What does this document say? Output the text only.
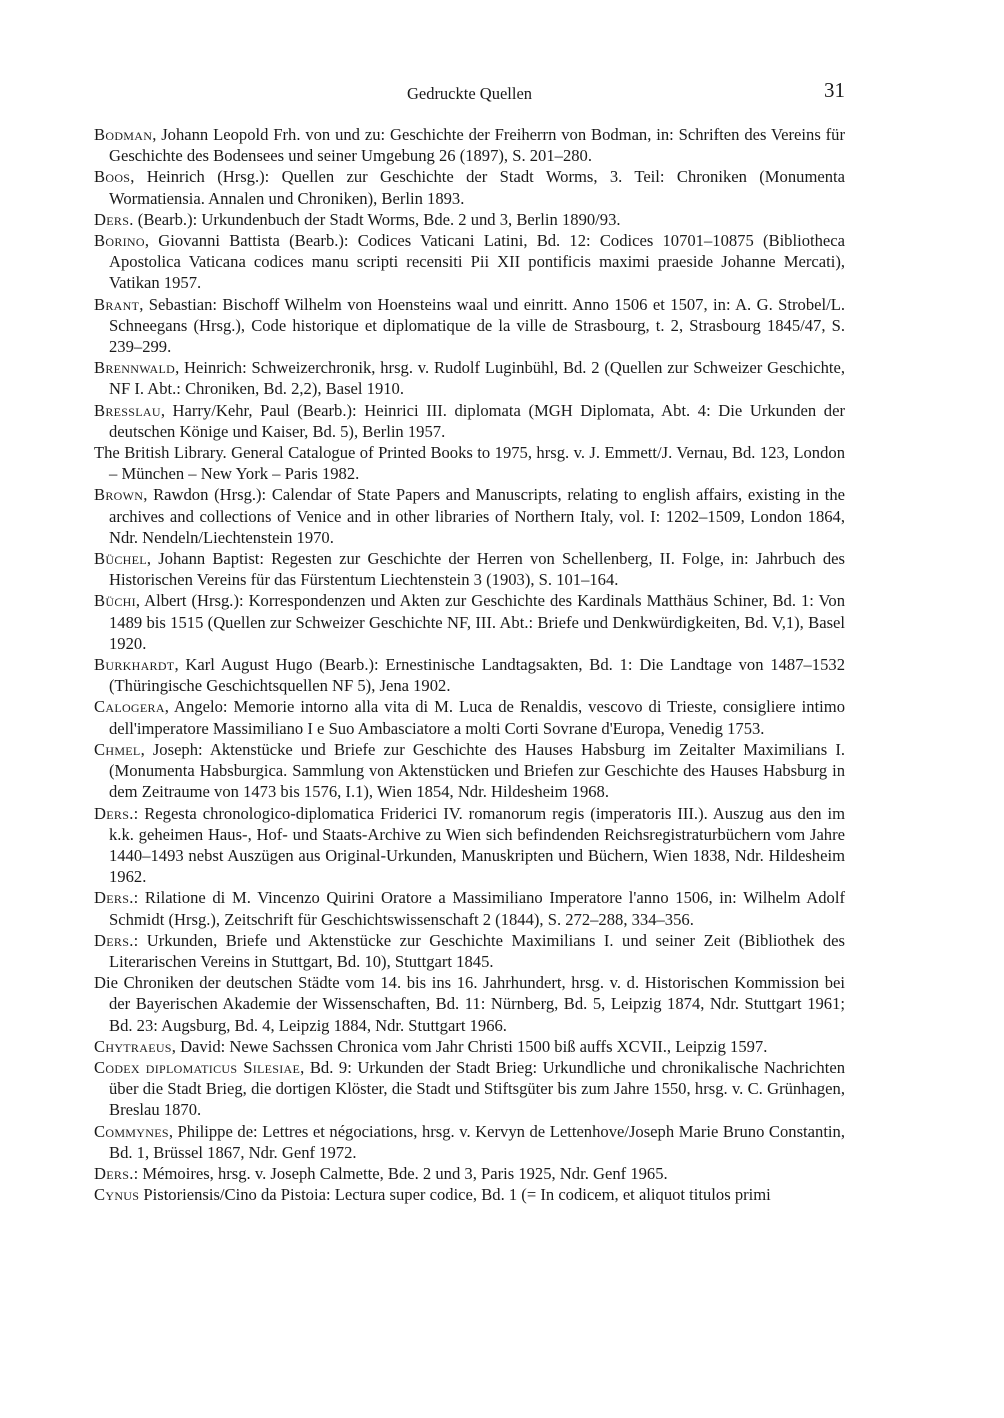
Gedruckte Quellen	31
Bodman, Johann Leopold Frh. von und zu: Geschichte der Freiherrn von Bodman, in: Schriften des Vereins für Geschichte des Bodensees und seiner Umgebung 26 (1897), S. 201–280.
Boos, Heinrich (Hrsg.): Quellen zur Geschichte der Stadt Worms, 3. Teil: Chroniken (Monumenta Wormatiensia. Annalen und Chroniken), Berlin 1893.
Ders. (Bearb.): Urkundenbuch der Stadt Worms, Bde. 2 und 3, Berlin 1890/93.
Borino, Giovanni Battista (Bearb.): Codices Vaticani Latini, Bd. 12: Codices 10701–10875 (Bibliotheca Apostolica Vaticana codices manu scripti recensiti Pii XII pontificis maximi praeside Johanne Mercati), Vatikan 1957.
Brant, Sebastian: Bischoff Wilhelm von Hoensteins waal und einritt. Anno 1506 et 1507, in: A. G. Strobel/L. Schneegans (Hrsg.), Code historique et diplomatique de la ville de Strasbourg, t. 2, Strasbourg 1845/47, S. 239–299.
Brennwald, Heinrich: Schweizerchronik, hrsg. v. Rudolf Luginbühl, Bd. 2 (Quellen zur Schweizer Geschichte, NF I. Abt.: Chroniken, Bd. 2,2), Basel 1910.
Bresslau, Harry/Kehr, Paul (Bearb.): Heinrici III. diplomata (MGH Diplomata, Abt. 4: Die Urkunden der deutschen Könige und Kaiser, Bd. 5), Berlin 1957.
The British Library. General Catalogue of Printed Books to 1975, hrsg. v. J. Emmett/J. Vernau, Bd. 123, London – München – New York – Paris 1982.
Brown, Rawdon (Hrsg.): Calendar of State Papers and Manuscripts, relating to english affairs, existing in the archives and collections of Venice and in other libraries of Northern Italy, vol. I: 1202–1509, London 1864, Ndr. Nendeln/Liechtenstein 1970.
Büchel, Johann Baptist: Regesten zur Geschichte der Herren von Schellenberg, II. Folge, in: Jahrbuch des Historischen Vereins für das Fürstentum Liechtenstein 3 (1903), S. 101–164.
Büchi, Albert (Hrsg.): Korrespondenzen und Akten zur Geschichte des Kardinals Matthäus Schiner, Bd. 1: Von 1489 bis 1515 (Quellen zur Schweizer Geschichte NF, III. Abt.: Briefe und Denkwürdigkeiten, Bd. V,1), Basel 1920.
Burkhardt, Karl August Hugo (Bearb.): Ernestinische Landtagsakten, Bd. 1: Die Landtage von 1487–1532 (Thüringische Geschichtsquellen NF 5), Jena 1902.
Calogera, Angelo: Memorie intorno alla vita di M. Luca de Renaldis, vescovo di Trieste, consigliere intimo dell'imperatore Massimiliano I e Suo Ambasciatore a molti Corti Sovrane d'Europa, Venedig 1753.
Chmel, Joseph: Aktenstücke und Briefe zur Geschichte des Hauses Habsburg im Zeitalter Maximilians I. (Monumenta Habsburgica. Sammlung von Aktenstücken und Briefen zur Geschichte des Hauses Habsburg in dem Zeitraume von 1473 bis 1576, I.1), Wien 1854, Ndr. Hildesheim 1968.
Ders.: Regesta chronologico-diplomatica Friderici IV. romanorum regis (imperatoris III.). Auszug aus den im k.k. geheimen Haus-, Hof- und Staats-Archive zu Wien sich befindenden Reichsregistraturbüchern vom Jahre 1440–1493 nebst Auszügen aus Original-Urkunden, Manuskripten und Büchern, Wien 1838, Ndr. Hildesheim 1962.
Ders.: Rilatione di M. Vincenzo Quirini Oratore a Massimiliano Imperatore l'anno 1506, in: Wilhelm Adolf Schmidt (Hrsg.), Zeitschrift für Geschichtswissenschaft 2 (1844), S. 272–288, 334–356.
Ders.: Urkunden, Briefe und Aktenstücke zur Geschichte Maximilians I. und seiner Zeit (Bibliothek des Literarischen Vereins in Stuttgart, Bd. 10), Stuttgart 1845.
Die Chroniken der deutschen Städte vom 14. bis ins 16. Jahrhundert, hrsg. v. d. Historischen Kommission bei der Bayerischen Akademie der Wissenschaften, Bd. 11: Nürnberg, Bd. 5, Leipzig 1874, Ndr. Stuttgart 1961; Bd. 23: Augsburg, Bd. 4, Leipzig 1884, Ndr. Stuttgart 1966.
Chytraeus, David: Newe Sachssen Chronica vom Jahr Christi 1500 biß auffs XCVII., Leipzig 1597.
Codex diplomaticus Silesiae, Bd. 9: Urkunden der Stadt Brieg: Urkundliche und chronikalische Nachrichten über die Stadt Brieg, die dortigen Klöster, die Stadt und Stiftsgüter bis zum Jahre 1550, hrsg. v. C. Grünhagen, Breslau 1870.
Commynes, Philippe de: Lettres et négociations, hrsg. v. Kervyn de Lettenhove/Joseph Marie Bruno Constantin, Bd. 1, Brüssel 1867, Ndr. Genf 1972.
Ders.: Mémoires, hrsg. v. Joseph Calmette, Bde. 2 und 3, Paris 1925, Ndr. Genf 1965.
Cynus Pistoriensis/Cino da Pistoia: Lectura super codice, Bd. 1 (= In codicem, et aliquot titulos primi
